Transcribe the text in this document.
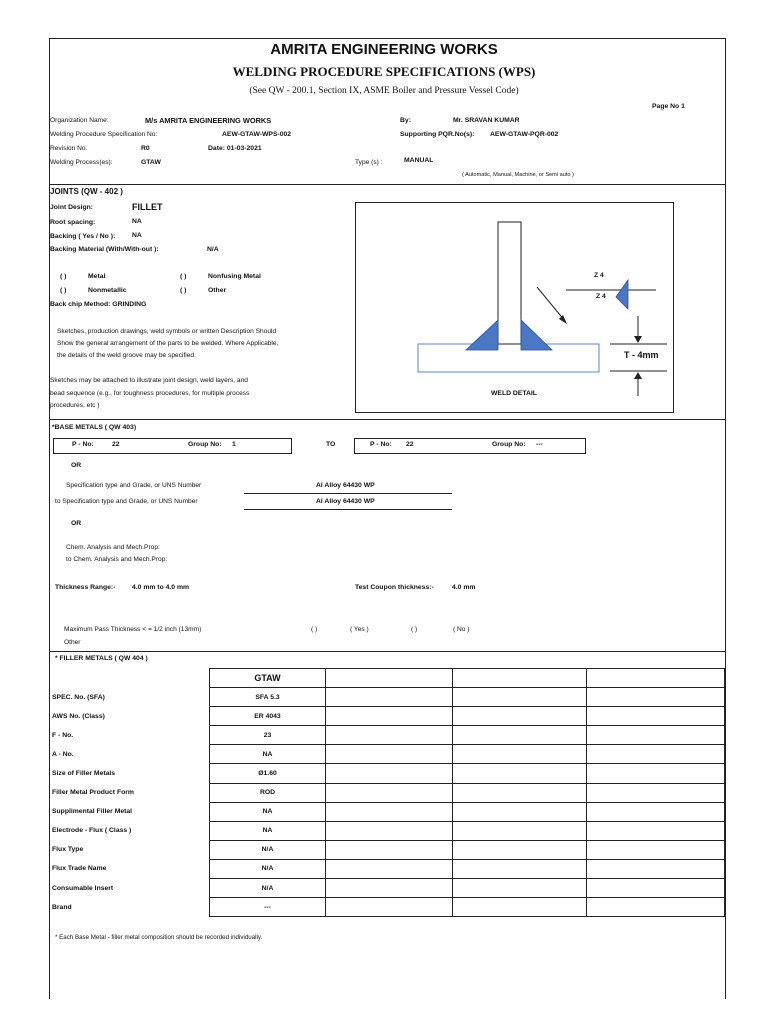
AMRITA ENGINEERING WORKS
WELDING PROCEDURE SPECIFICATIONS (WPS)
(See QW - 200.1, Section IX, ASME Boiler and Pressure Vessel Code)
Page No 1
Organization Name:	M/s AMRITA ENGINEERING WORKS
Welding Procedure Specification No:	AEW-GTAW-WPS-002
Revision No:	R0	Date: 01-03-2021
Welding Process(es):	GTAW
By:	Mr. SRAVAN KUMAR
Supporting PQR.No(s): AEW-GTAW-PQR-002
Type (s) :	MANUAL
( Automatic, Manual, Machine, or Semi auto )
JOINTS (QW - 402 )
Joint Design:	FILLET
Root spacing:	NA
Backing ( Yes / No ): NA
Backing Material (With/With-out ):	N/A
( )	Metal	( )	Nonfusing Metal
( )	Nonmetallic	( )	Other
Back chip Method: GRINDING
Sketches, production drawings, weld symbols or written Description Should
Show the general arrangement of the parts to be welded. Where Applicable,
the details of the weld groove may be specified.
Sketches may be attached to illustrate joint design, weld layers, and
bead sequence (e.g., for toughness procedures, for multiple process
procedures, etc )
Z 4
Z 4
T - 4mm
WELD DETAIL
*BASE METALS ( QW 403)
P - No:	22	Group No: 1	TO	P - No: 22	Group No: ---
OR
Specification type and Grade, or UNS Number	Al Alloy 64430 WP
to Specification type and Grade, or UNS Number	Al Alloy 64430 WP
OR
Chem. Analysis and Mech.Prop:
to Chem. Analysis and Mech.Prop:
Thickness Range:- 4.0 mm to 4.0 mm	Test Coupon thickness:-	4.0 mm
Maximum Pass Thickness < = 1/2 inch (13mm)	( )	( Yes )	( )	( No )
Other
* FILLER METALS ( QW 404 )
	GTAW			
SPEC. No. (SFA)	SFA 5.3			
AWS No. (Class)	ER 4043			
F - No.	23			
A - No.	NA			
Size of Filler Metals	Ø1.60			
Filler Metal Product Form	ROD			
Supplimental Filler Metal	NA			
Electrode - Flux ( Class )	NA			
Flux Type	N/A			
Flux Trade Name	N/A			
Consumable Insert	N/A			
Brand	---			
* Each Base Metal - filler metal composition should be recorded individually.
